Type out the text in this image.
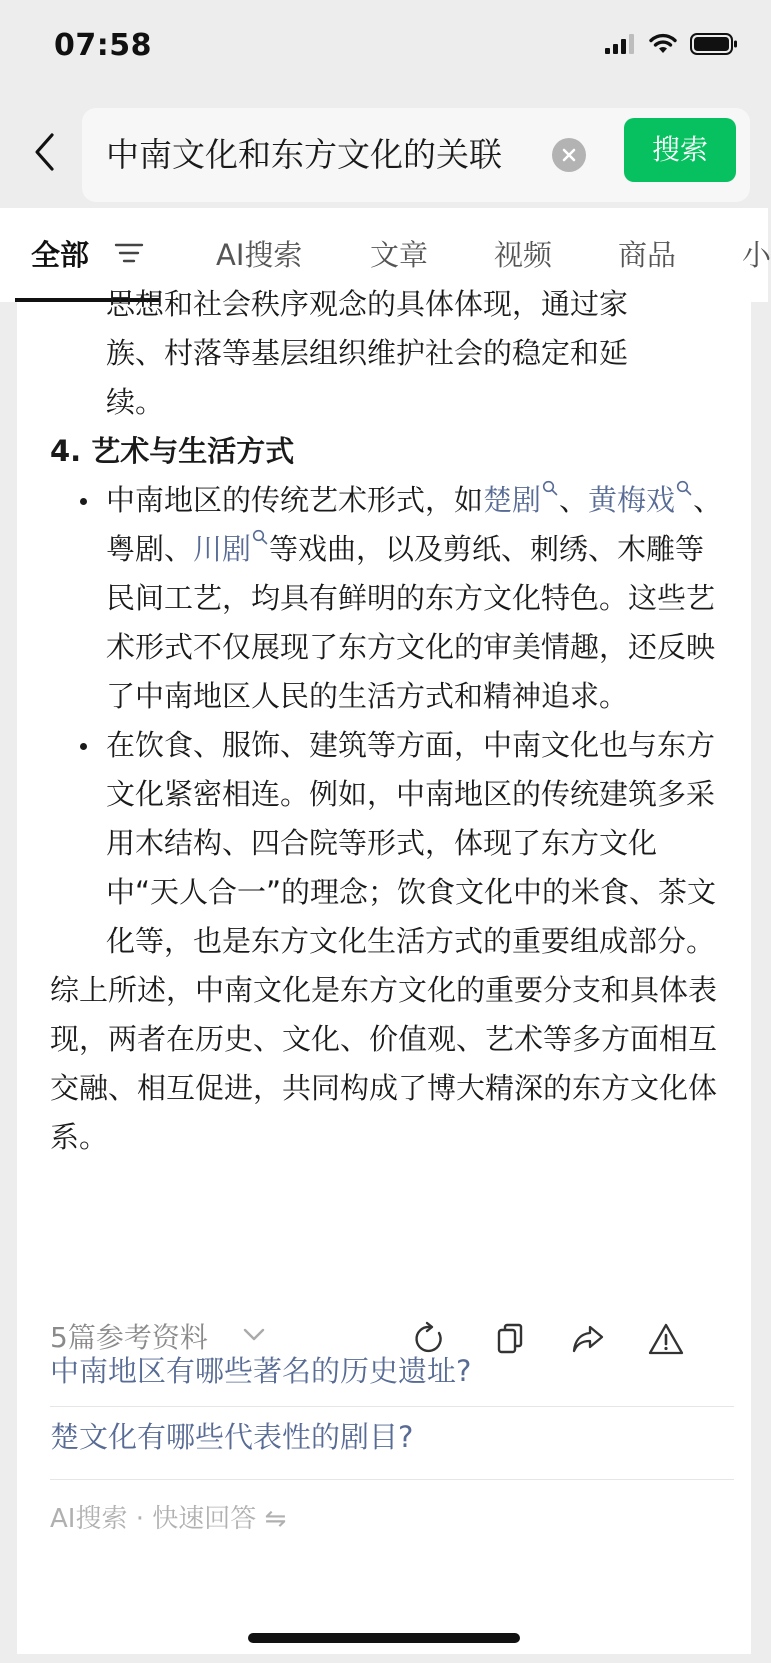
07:58
中南文化和东方文化的关联	搜索
全部	AI搜索 文章 视频 商品 小

思想和社会秩序观念的具体体现，通过家

族、村落等基层组织维护社会的稳定和延

续。

4. 艺术与生活方式

中南地区的传统艺术形式，如楚剧 、黄梅戏 、粤剧、川剧 等戏曲，以及剪纸、刺绣、木雕等民间工艺，均具有鲜明的东方文化特色。这些艺术形式不仅展现了东方文化的审美情趣，还反映了中南地区人民的生活方式和精神追求。

在饮食、服饰、建筑等方面，中南文化也与东方文化紧密相连。例如，中南地区的传统建筑多采用木结构、四合院等形式，体现了东方文化中“天人合一”的理念；饮食文化中的米食、茶文化等，也是东方文化生活方式的重要组成部分。

综上所述，中南文化是东方文化的重要分支和具体表现，两者在历史、文化、价值观、艺术等多方面相互交融、相互促进，共同构成了博大精深的东方文化体系。

5篇参考资料
中南地区有哪些著名的历史遗址?
楚文化有哪些代表性的剧目?
AI搜索 · 快速回答 ⇋
